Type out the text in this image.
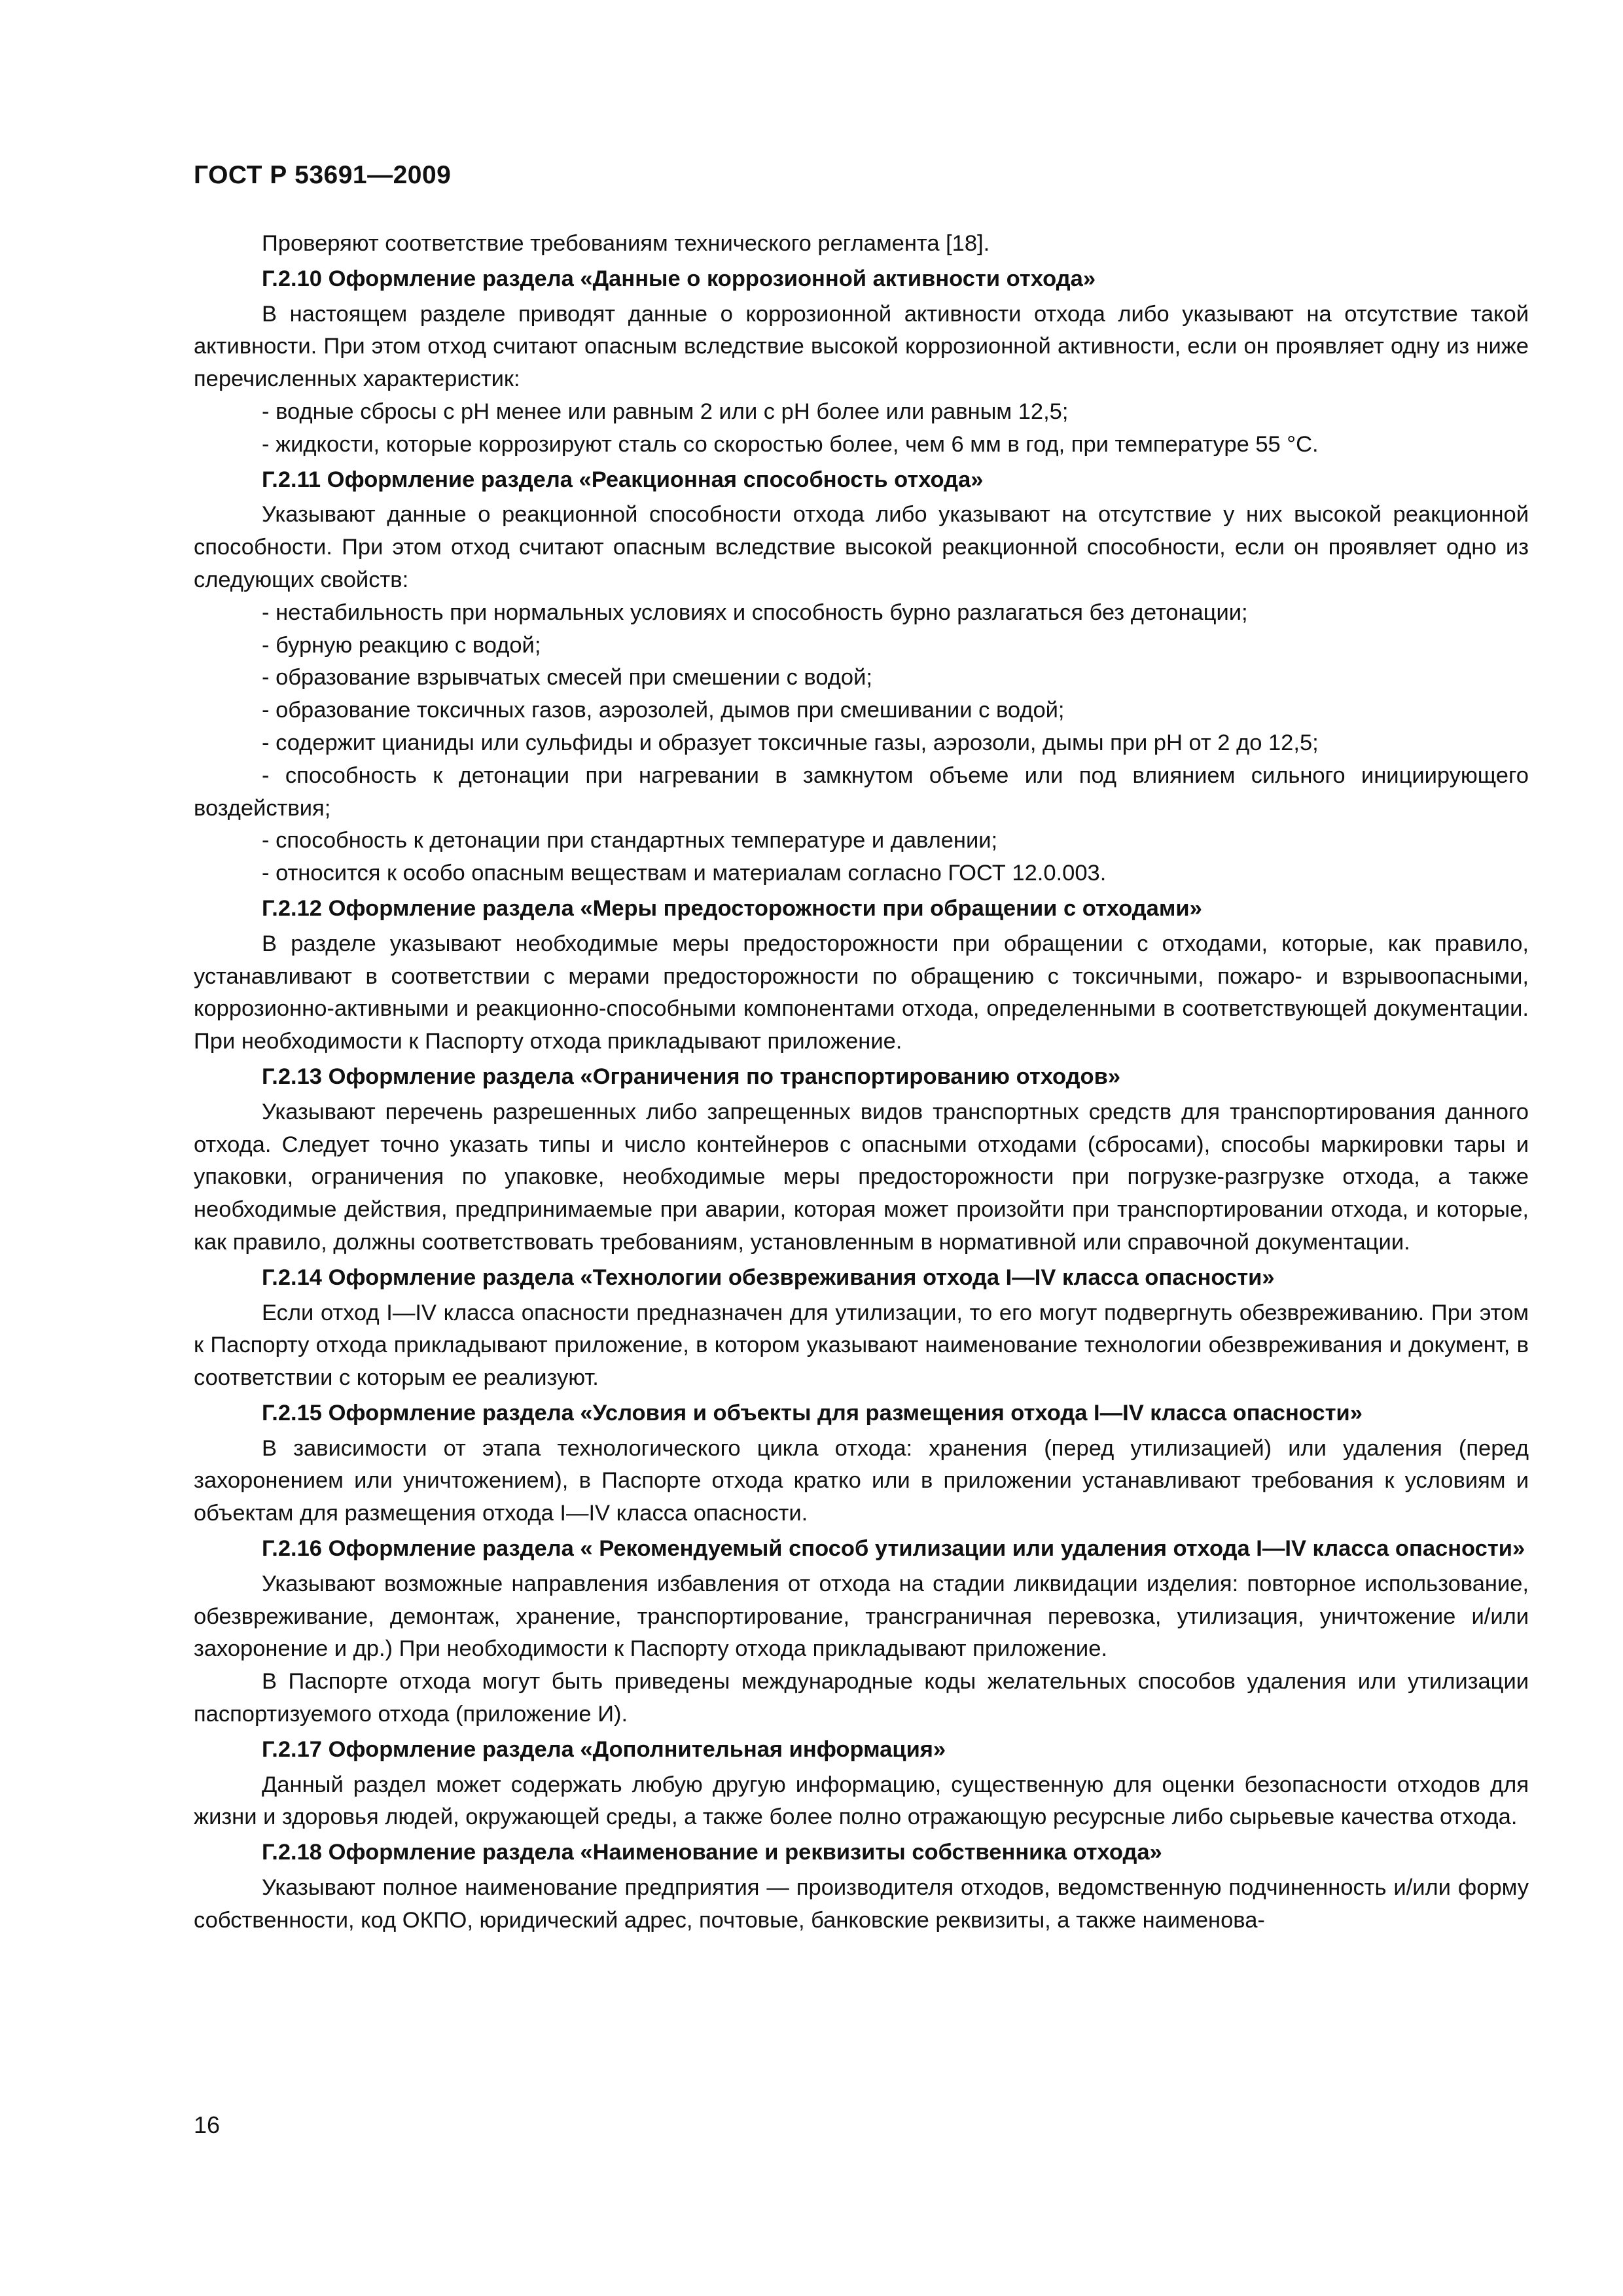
ГОСТ Р 53691—2009

Проверяют соответствие требованиям технического регламента [18].

Г.2.10 Оформление раздела «Данные о коррозионной активности отхода»

В настоящем разделе приводят данные о коррозионной активности отхода либо указывают на отсутствие такой активности. При этом отход считают опасным вследствие высокой коррозионной активности, если он проявляет одну из ниже перечисленных характеристик:

- водные сбросы с pH менее или равным 2 или с pH более или равным 12,5;

- жидкости, которые коррозируют сталь со скоростью более, чем 6 мм в год, при температуре 55 °С.

Г.2.11 Оформление раздела «Реакционная способность отхода»

Указывают данные о реакционной способности отхода либо указывают на отсутствие у них высокой реакционной способности. При этом отход считают опасным вследствие высокой реакционной способности, если он проявляет одно из следующих свойств:

- нестабильность при нормальных условиях и способность бурно разлагаться без детонации;

- бурную реакцию с водой;

- образование взрывчатых смесей при смешении с водой;

- образование токсичных газов, аэрозолей, дымов при смешивании с водой;

- содержит цианиды или сульфиды и образует токсичные газы, аэрозоли, дымы при pH от 2 до 12,5;

- способность к детонации при нагревании в замкнутом объеме или под влиянием сильного инициирующего воздействия;

- способность к детонации при стандартных температуре и давлении;

- относится к особо опасным веществам и материалам согласно ГОСТ 12.0.003.

Г.2.12 Оформление раздела «Меры предосторожности при обращении с отходами»

В разделе указывают необходимые меры предосторожности при обращении с отходами, которые, как правило, устанавливают в соответствии с мерами предосторожности по обращению с токсичными, пожаро- и взрывоопасными, коррозионно-активными и реакционно-способными компонентами отхода, определенными в соответствующей документации. При необходимости к Паспорту отхода прикладывают приложение.

Г.2.13 Оформление раздела «Ограничения по транспортированию отходов»

Указывают перечень разрешенных либо запрещенных видов транспортных средств для транспортирования данного отхода. Следует точно указать типы и число контейнеров с опасными отходами (сбросами), способы маркировки тары и упаковки, ограничения по упаковке, необходимые меры предосторожности при погрузке-разгрузке отхода, а также необходимые действия, предпринимаемые при аварии, которая может произойти при транспортировании отхода, и которые, как правило, должны соответствовать требованиям, установленным в нормативной или справочной документации.

Г.2.14 Оформление раздела «Технологии обезвреживания отхода I—IV класса опасности»

Если отход I—IV класса опасности предназначен для утилизации, то его могут подвергнуть обезвреживанию. При этом к Паспорту отхода прикладывают приложение, в котором указывают наименование технологии обезвреживания и документ, в соответствии с которым ее реализуют.

Г.2.15 Оформление раздела «Условия и объекты для размещения отхода I—IV класса опасности»

В зависимости от этапа технологического цикла отхода: хранения (перед утилизацией) или удаления (перед захоронением или уничтожением), в Паспорте отхода кратко или в приложении устанавливают требования к условиям и объектам для размещения отхода I—IV класса опасности.

Г.2.16 Оформление раздела « Рекомендуемый способ утилизации или удаления отхода I—IV класса опасности»

Указывают возможные направления избавления от отхода на стадии ликвидации изделия: повторное использование, обезвреживание, демонтаж, хранение, транспортирование, трансграничная перевозка, утилизация, уничтожение и/или захоронение и др.) При необходимости к Паспорту отхода прикладывают приложение.

В Паспорте отхода могут быть приведены международные коды желательных способов удаления или утилизации паспортизуемого отхода (приложение И).

Г.2.17 Оформление раздела «Дополнительная информация»

Данный раздел может содержать любую другую информацию, существенную для оценки безопасности отходов для жизни и здоровья людей, окружающей среды, а также более полно отражающую ресурсные либо сырьевые качества отхода.

Г.2.18 Оформление раздела «Наименование и реквизиты собственника отхода»

Указывают полное наименование предприятия — производителя отходов, ведомственную подчиненность и/или форму собственности, код ОКПО, юридический адрес, почтовые, банковские реквизиты, а также наименова-

16
